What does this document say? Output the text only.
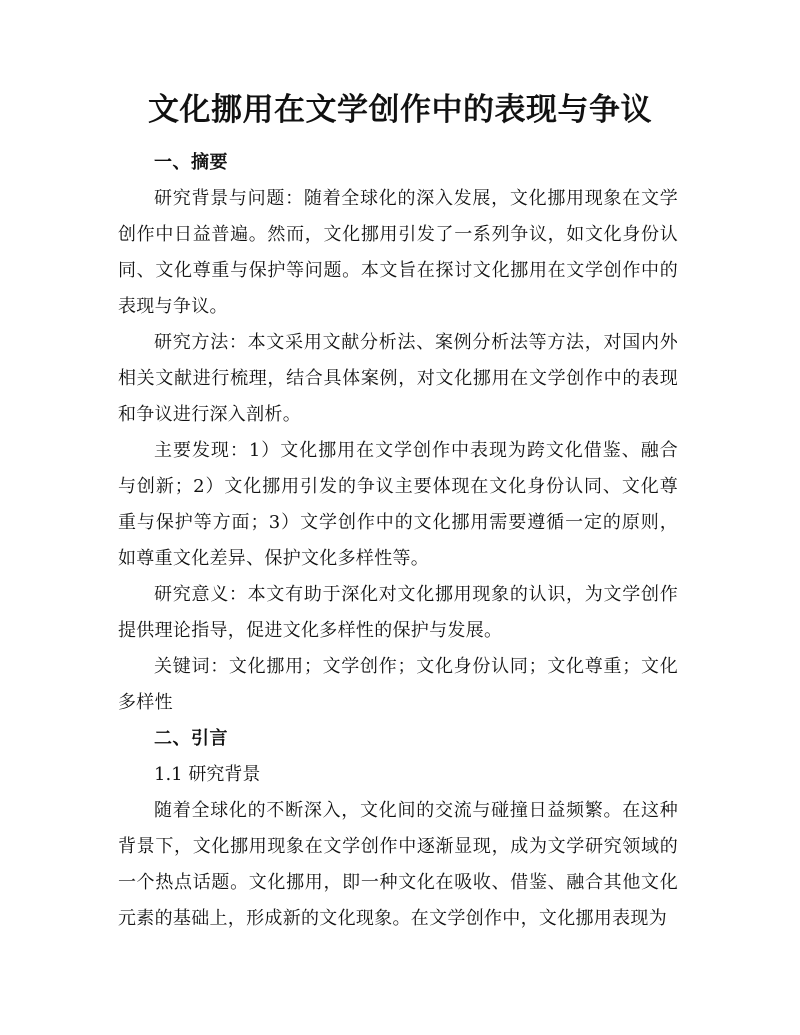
文化挪用在文学创作中的表现与争议
一、摘要

研究背景与问题：随着全球化的深入发展，文化挪用现象在文学创作中日益普遍。然而，文化挪用引发了一系列争议，如文化身份认同、文化尊重与保护等问题。本文旨在探讨文化挪用在文学创作中的表现与争议。

研究方法：本文采用文献分析法、案例分析法等方法，对国内外相关文献进行梳理，结合具体案例，对文化挪用在文学创作中的表现和争议进行深入剖析。

主要发现：1）文化挪用在文学创作中表现为跨文化借鉴、融合与创新；2）文化挪用引发的争议主要体现在文化身份认同、文化尊重与保护等方面；3）文学创作中的文化挪用需要遵循一定的原则，如尊重文化差异、保护文化多样性等。

研究意义：本文有助于深化对文化挪用现象的认识，为文学创作提供理论指导，促进文化多样性的保护与发展。

关键词：文化挪用；文学创作；文化身份认同；文化尊重；文化多样性

二、引言
1.1 研究背景

随着全球化的不断深入，文化间的交流与碰撞日益频繁。在这种背景下，文化挪用现象在文学创作中逐渐显现，成为文学研究领域的一个热点话题。文化挪用，即一种文化在吸收、借鉴、融合其他文化元素的基础上，形成新的文化现象。在文学创作中，文化挪用表现为
